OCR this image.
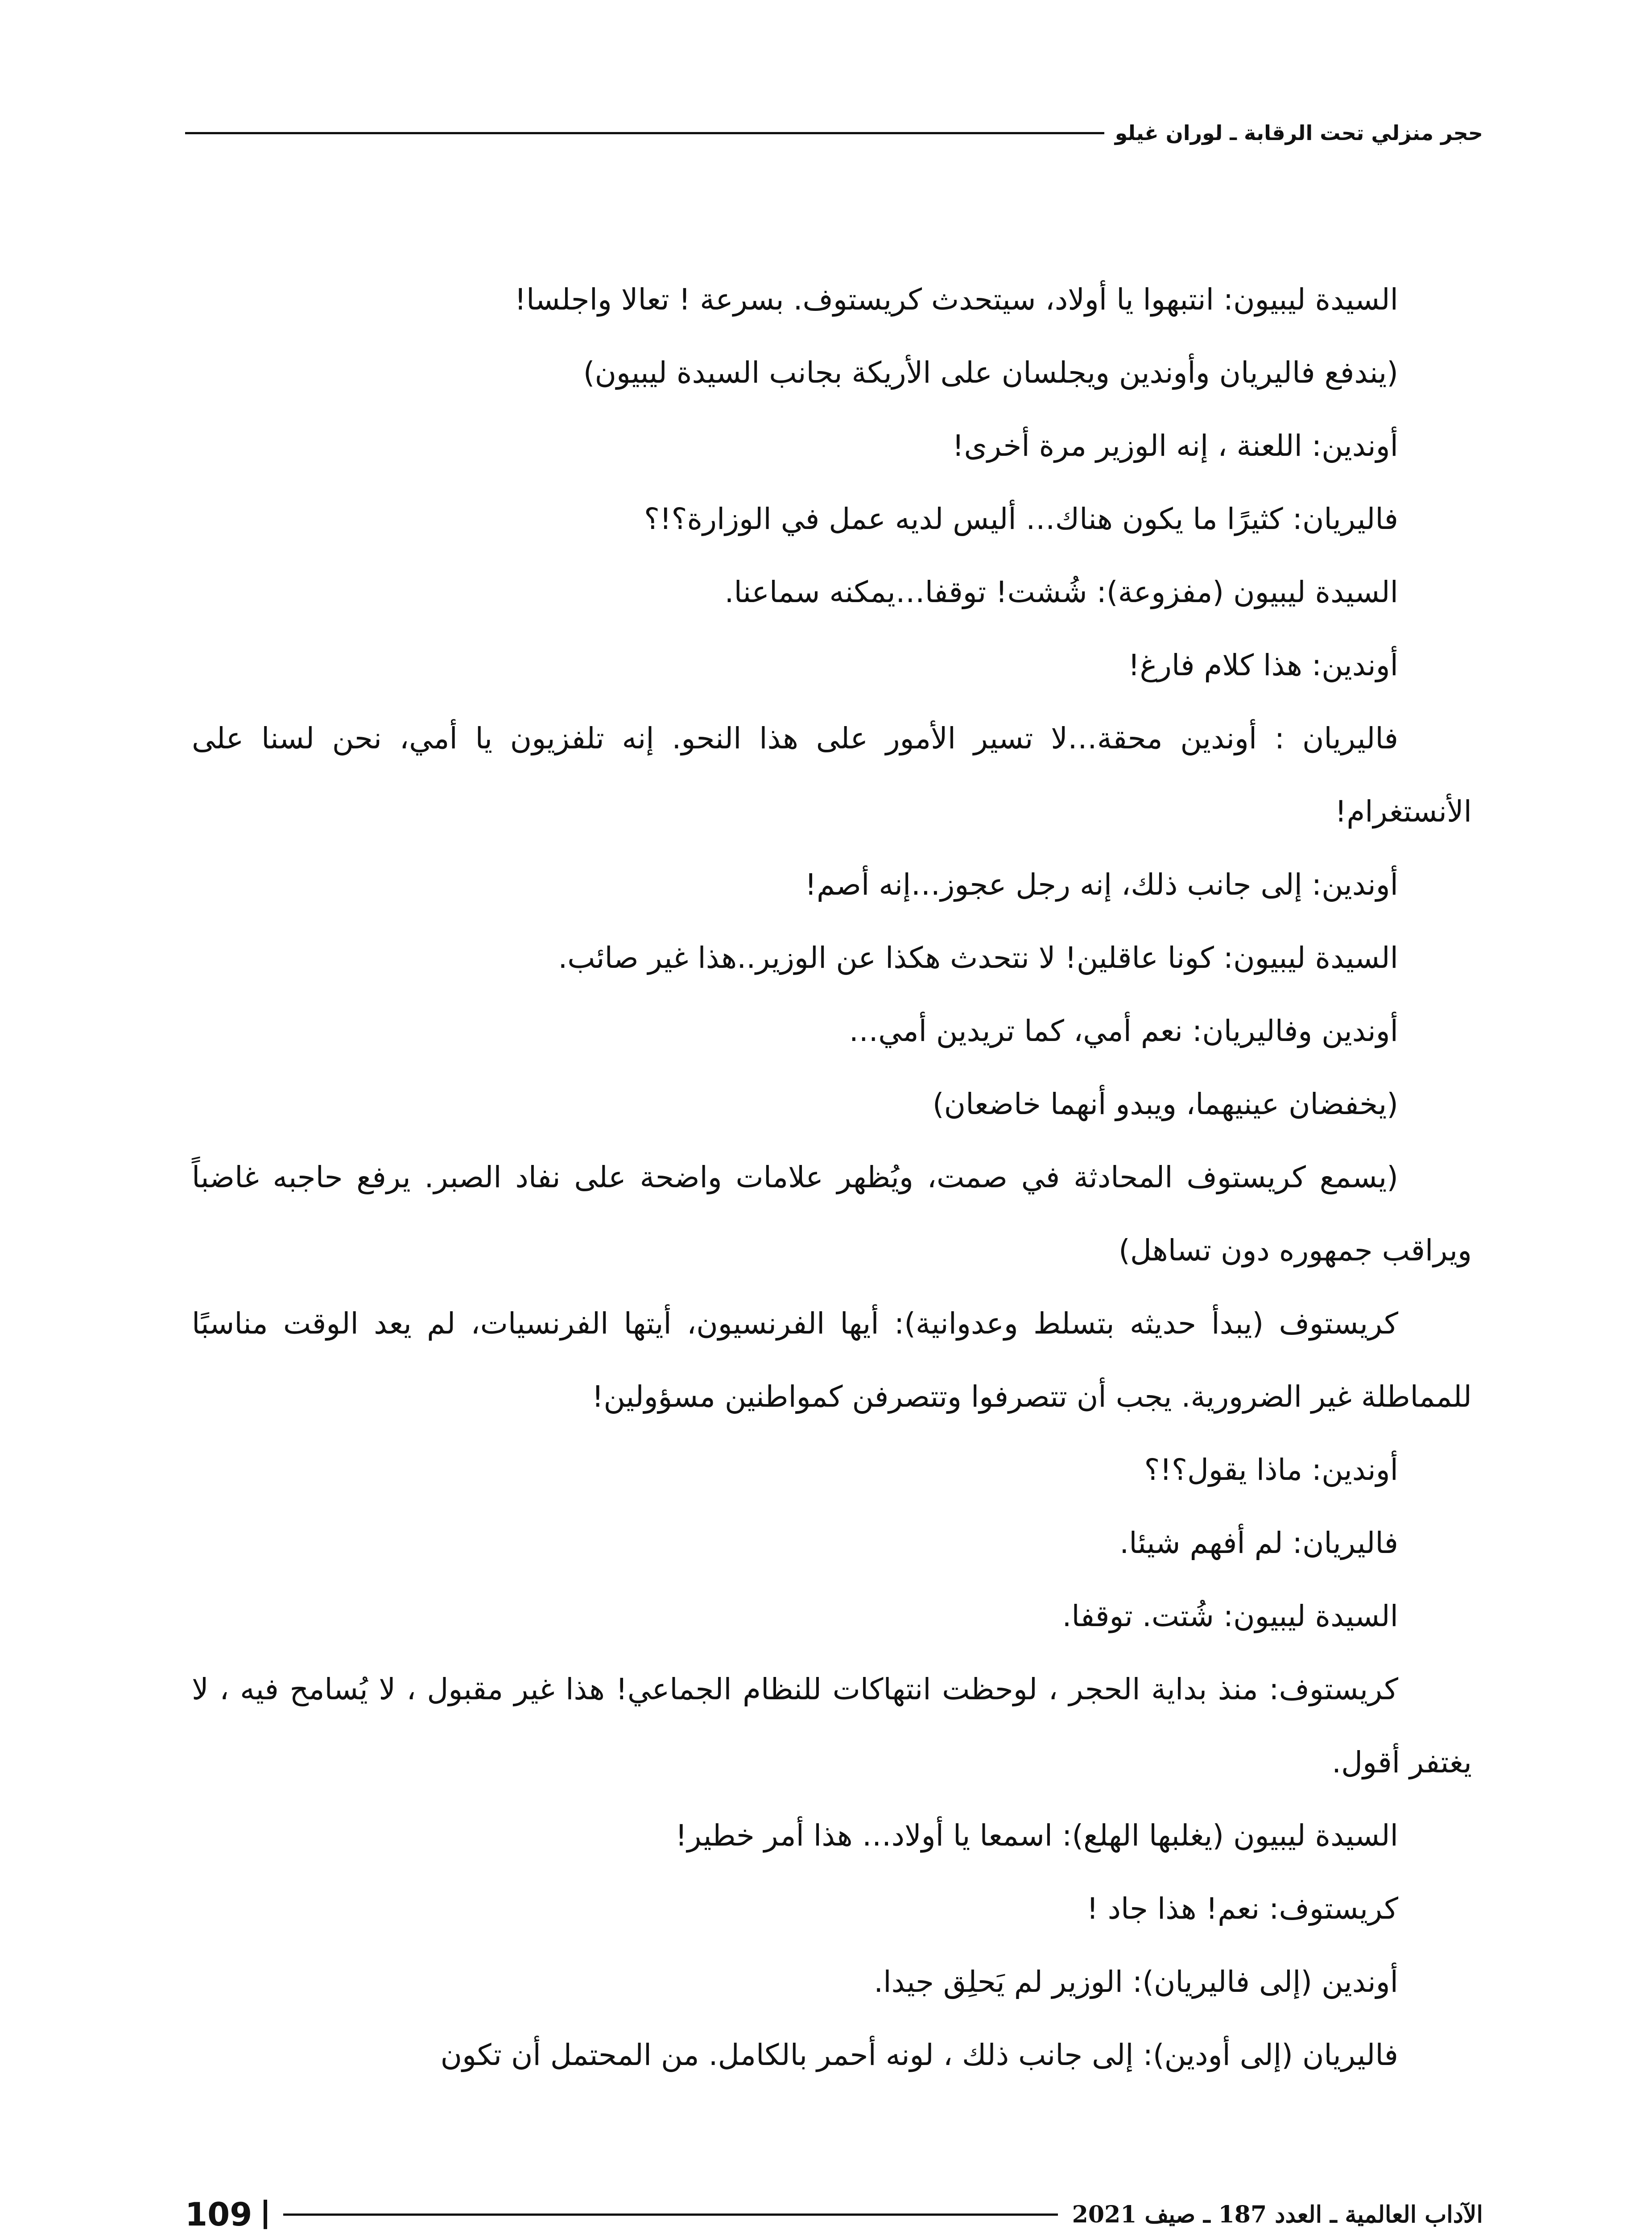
حجر منزلي تحت الرقابة ـ لوران غيلو

السيدة ليبيون: انتبهوا يا أولاد، سيتحدث كريستوف. بسرعة ! تعالا واجلسا!

(يندفع فاليريان وأوندين ويجلسان على الأريكة بجانب السيدة ليبيون)

أوندين: اللعنة ، إنه الوزير مرة أخرى!

فاليريان: كثيرًا ما يكون هناك… أليس لديه عمل في الوزارة؟!؟

السيدة ليبيون (مفزوعة): شُشت! توقفا…يمكنه سماعنا.

أوندين: هذا كلام فارغ!

فاليريان : أوندين محقة…لا تسير الأمور على هذا النحو. إنه تلفزيون يا أمي، نحن لسنا على الأنستغرام!

أوندين: إلى جانب ذلك، إنه رجل عجوز…إنه أصم!

السيدة ليبيون: كونا عاقلين! لا نتحدث هكذا عن الوزير..هذا غير صائب.

أوندين وفاليريان: نعم أمي، كما تريدين أمي…

(يخفضان عينيهما، ويبدو أنهما خاضعان)

(يسمع كريستوف المحادثة في صمت، ويُظهر علامات واضحة على نفاد الصبر. يرفع حاجبه غاضباً ويراقب جمهوره دون تساهل)

كريستوف (يبدأ حديثه بتسلط وعدوانية): أيها الفرنسيون، أيتها الفرنسيات، لم يعد الوقت مناسبًا للمماطلة غير الضرورية. يجب أن تتصرفوا وتتصرفن كمواطنين مسؤولين!

أوندين: ماذا يقول؟!؟

فاليريان: لم أفهم شيئا.

السيدة ليبيون: شُتت. توقفا.

كريستوف: منذ بداية الحجر ، لوحظت انتهاكات للنظام الجماعي! هذا غير مقبول ، لا يُسامح فيه ، لا يغتفر أقول.

السيدة ليبيون (يغلبها الهلع): اسمعا يا أولاد… هذا أمر خطير!

كريستوف: نعم! هذا جاد !

أوندين (إلى فاليريان): الوزير لم يَحلِق جيدا.

فاليريان (إلى أودين): إلى جانب ذلك ، لونه أحمر بالكامل. من المحتمل أن تكون

الآداب العالمية ـ العدد 187 ـ صيف 2021
109
